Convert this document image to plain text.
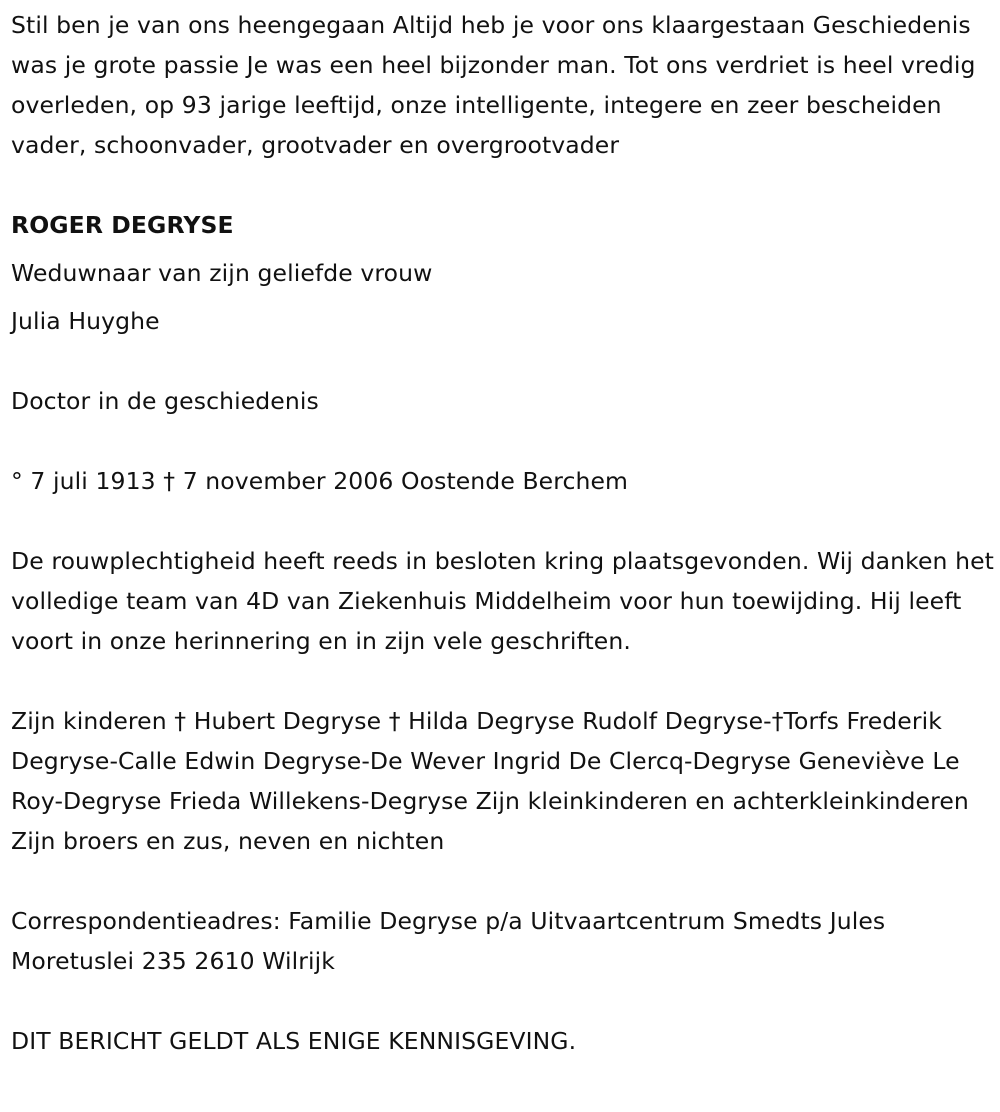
Stil ben je van ons heengegaan Altijd heb je voor ons klaargestaan Geschiedenis was je grote passie Je was een heel bijzonder man. Tot ons verdriet is heel vredig overleden, op 93 jarige leeftijd, onze intelligente, integere en zeer bescheiden vader, schoonvader, grootvader en overgrootvader

ROGER DEGRYSE

Weduwnaar van zijn geliefde vrouw

Julia Huyghe

Doctor in de geschiedenis

° 7 juli 1913 † 7 november 2006 Oostende Berchem

De rouwplechtigheid heeft reeds in besloten kring plaatsgevonden. Wij danken het volledige team van 4D van Ziekenhuis Middelheim voor hun toewijding. Hij leeft voort in onze herinnering en in zijn vele geschriften.

Zijn kinderen † Hubert Degryse † Hilda Degryse Rudolf Degryse-†Torfs Frederik Degryse-Calle Edwin Degryse-De Wever Ingrid De Clercq-Degryse Geneviève Le Roy-Degryse Frieda Willekens-Degryse Zijn kleinkinderen en achterkleinkinderen Zijn broers en zus, neven en nichten

Correspondentieadres: Familie Degryse p/a Uitvaartcentrum Smedts Jules Moretuslei 235 2610 Wilrijk

DIT BERICHT GELDT ALS ENIGE KENNISGEVING.
